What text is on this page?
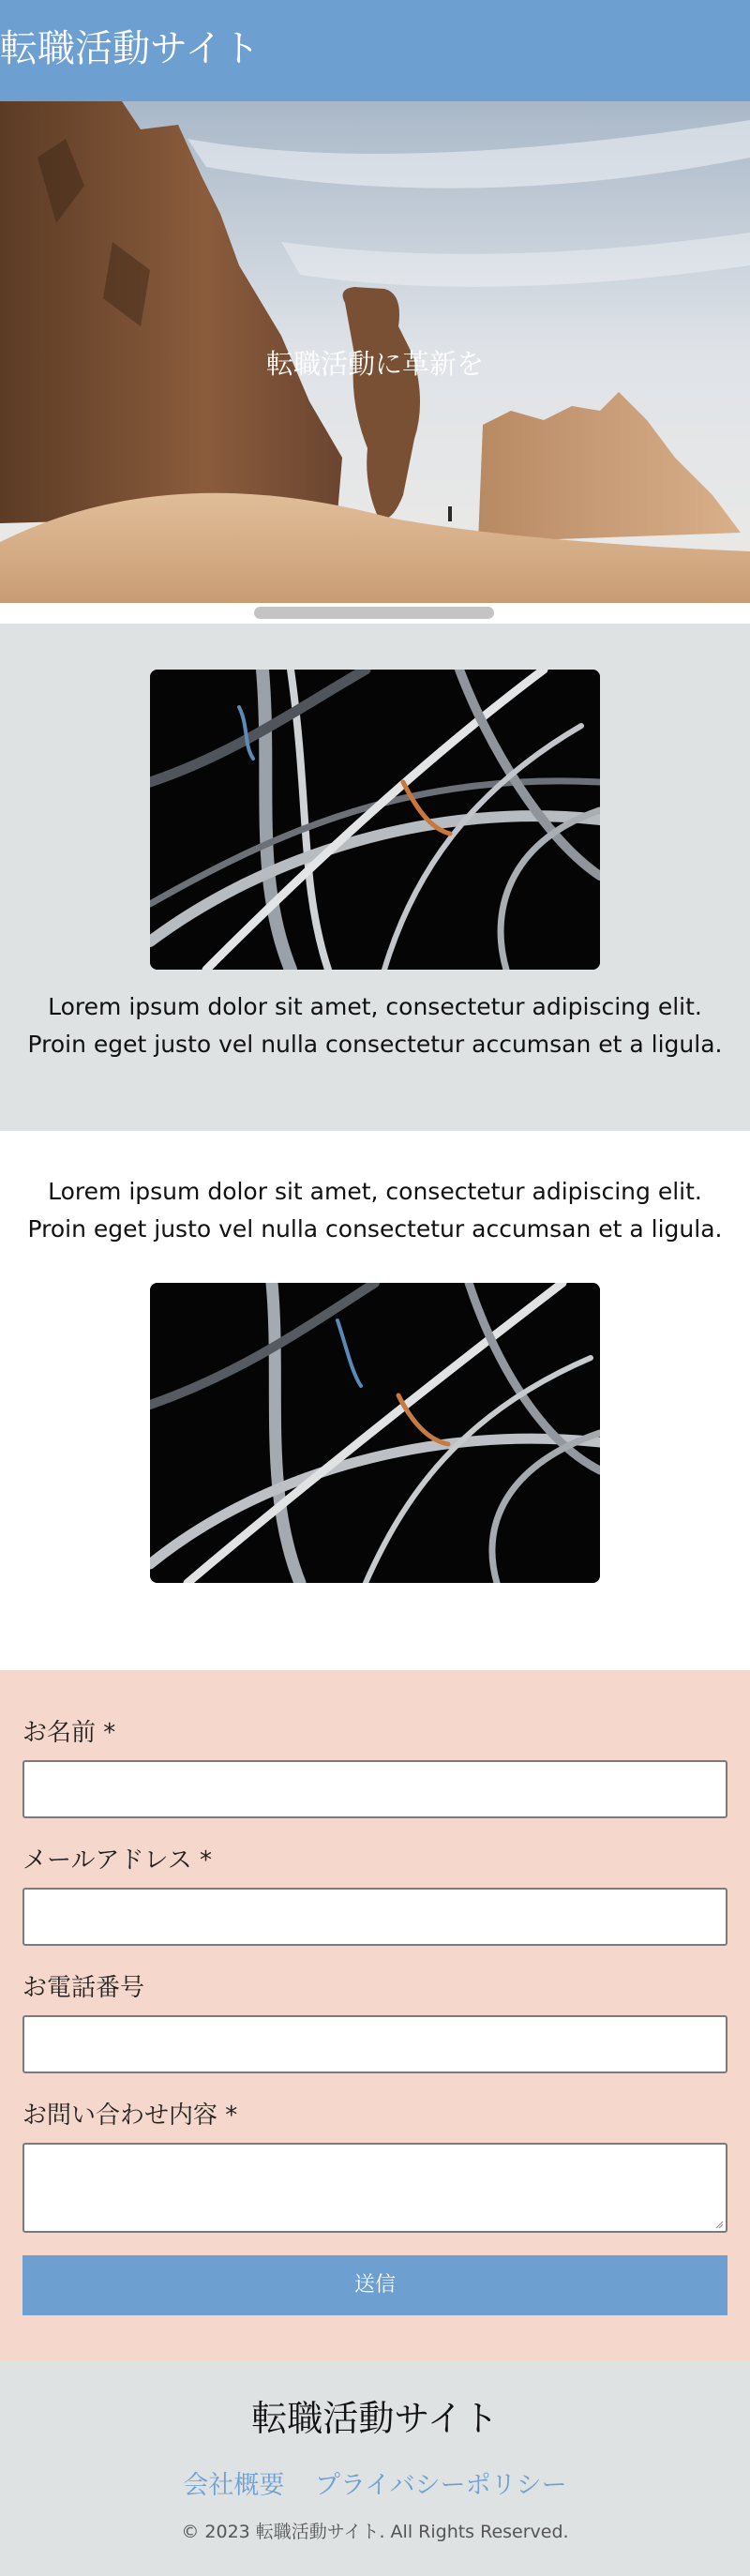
転職活動サイト
転職活動に革新を
Lorem ipsum dolor sit amet, consectetur adipiscing elit. Proin eget justo vel nulla consectetur accumsan et a ligula.
Lorem ipsum dolor sit amet, consectetur adipiscing elit. Proin eget justo vel nulla consectetur accumsan et a ligula.
お名前 *
メールアドレス *
お電話番号
お問い合わせ内容 *
送信
転職活動サイト
会社概要 プライバシーポリシー
© 2023 転職活動サイト. All Rights Reserved.
